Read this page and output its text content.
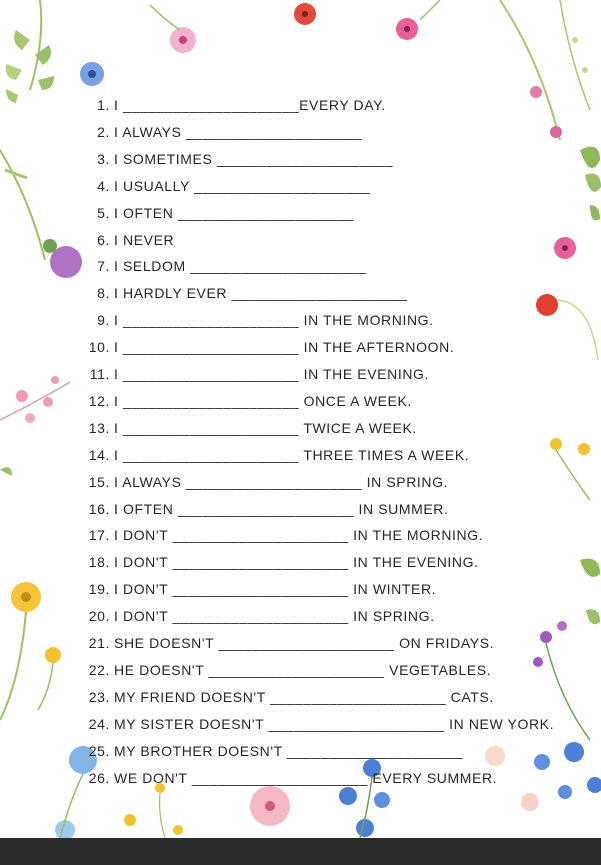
1. I _____________________EVERY DAY.
2. I ALWAYS _____________________
3. I SOMETIMES _____________________
4. I USUALLY _____________________
5. I OFTEN _____________________
6. I NEVER
7. I SELDOM _____________________
8. I HARDLY EVER _____________________
9. I _____________________ IN THE MORNING.
10. I _____________________ IN THE AFTERNOON.
11. I _____________________ IN THE EVENING.
12. I _____________________ ONCE A WEEK.
13. I _____________________ TWICE A WEEK.
14. I _____________________ THREE TIMES A WEEK.
15. I ALWAYS _____________________ IN SPRING.
16. I OFTEN _____________________ IN SUMMER.
17. I DON'T _____________________ IN THE MORNING.
18. I DON'T _____________________ IN THE EVENING.
19. I DON'T _____________________ IN WINTER.
20. I DON'T _____________________ IN SPRING.
21. SHE DOESN'T _____________________ ON FRIDAYS.
22. HE DOESN'T _____________________ VEGETABLES.
23. MY FRIEND DOESN'T _____________________ CATS.
24. MY SISTER DOESN'T _____________________ IN NEW YORK.
25. MY BROTHER DOESN'T _____________________
26. WE DON'T _____________________ EVERY SUMMER.
